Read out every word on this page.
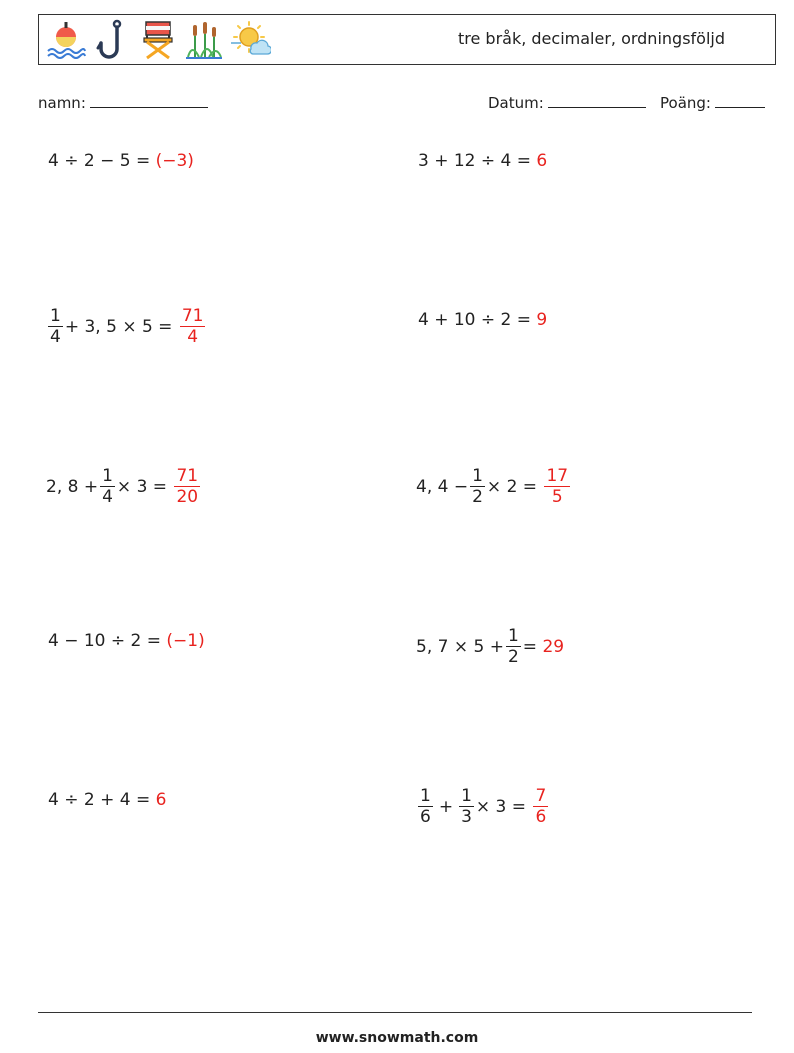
tre bråk, decimaler, ordningsföljd
namn:	Datum:	Poäng:
4 ÷ 2 − 5 =
(−3)	3 + 12 ÷ 4 =
6
$\frac{1}{4} + 3$, 5 × 5 =
$\frac{71}{4}$	4 + 10 ÷ 2 =
9
2, $8 + \frac{1}{4} \times 3$ =
$\frac{71}{20}$	4, $4 - \frac{1}{2} \times 2$ =
$\frac{17}{5}$
4 − 10 ÷ 2 =
(−1)	5, $7 \times 5 + \frac{1}{2}$ =
29
4 ÷ 2 + 4 =
6	$\frac{1}{6} + \frac{1}{3} \times 3$ =
$\frac{7}{6}$
www.snowmath.com
